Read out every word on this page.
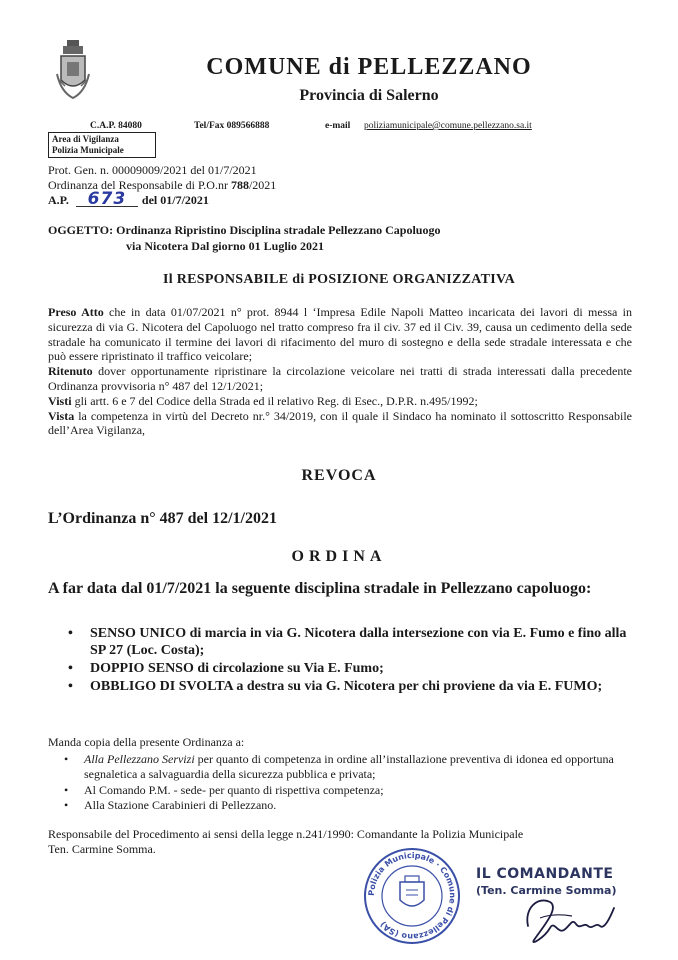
COMUNE di PELLEZZANO
Provincia di Salerno
C.A.P. 84080	Tel/Fax 089566888	e-mail poliziamunicipale@comune.pellezzano.sa.it
Area di Vigilanza
Polizia Municipale
Prot. Gen. n. 00009009/2021 del 01/7/2021
Ordinanza del Responsabile di P.O.nr 788/2021
A.P. 673 del 01/7/2021
OGGETTO: Ordinanza Ripristino Disciplina stradale Pellezzano Capoluogo
via Nicotera Dal giorno 01 Luglio 2021
Il RESPONSABILE di POSIZIONE ORGANIZZATIVA

Preso Atto che in data 01/07/2021 n° prot. 8944 l ‘Impresa Edile Napoli Matteo incaricata dei lavori di messa in sicurezza di via G. Nicotera del Capoluogo nel tratto compreso fra il civ. 37 ed il Civ. 39, causa un cedimento della sede stradale ha comunicato il termine dei lavori di rifacimento del muro di sostegno e della sede stradale interessata e che può essere ripristinato il traffico veicolare;

Ritenuto dover opportunamente ripristinare la circolazione veicolare nei tratti di strada interessati dalla precedente Ordinanza provvisoria n° 487 del 12/1/2021;

Visti gli artt. 6 e 7 del Codice della Strada ed il relativo Reg. di Esec., D.P.R. n.495/1992;

Vista la competenza in virtù del Decreto nr.° 34/2019, con il quale il Sindaco ha nominato il sottoscritto Responsabile dell’Area Vigilanza,

REVOCA
L’Ordinanza n° 487 del 12/1/2021
ORDINA
A far data dal 01/7/2021 la seguente disciplina stradale in Pellezzano capoluogo:
• SENSO UNICO di marcia in via G. Nicotera dalla intersezione con via E. Fumo e fino alla SP 27 (Loc. Costa);
• DOPPIO SENSO di circolazione su Via E. Fumo;
• OBBLIGO DI SVOLTA a destra su via G. Nicotera per chi proviene da via E. FUMO;
Manda copia della presente Ordinanza a:
• Alla Pellezzano Servizi per quanto di competenza in ordine all’installazione preventiva di idonea ed opportuna segnaletica a salvaguardia della sicurezza pubblica e privata;
• Al Comando P.M. - sede- per quanto di rispettiva competenza;
• Alla Stazione Carabinieri di Pellezzano.
Responsabile del Procedimento ai sensi della legge n.241/1990: Comandante la Polizia Municipale
Ten. Carmine Somma.
Polizia Municipale · Comune di Pellezzano (SA)
IL COMANDANTE
(Ten. Carmine Somma)
